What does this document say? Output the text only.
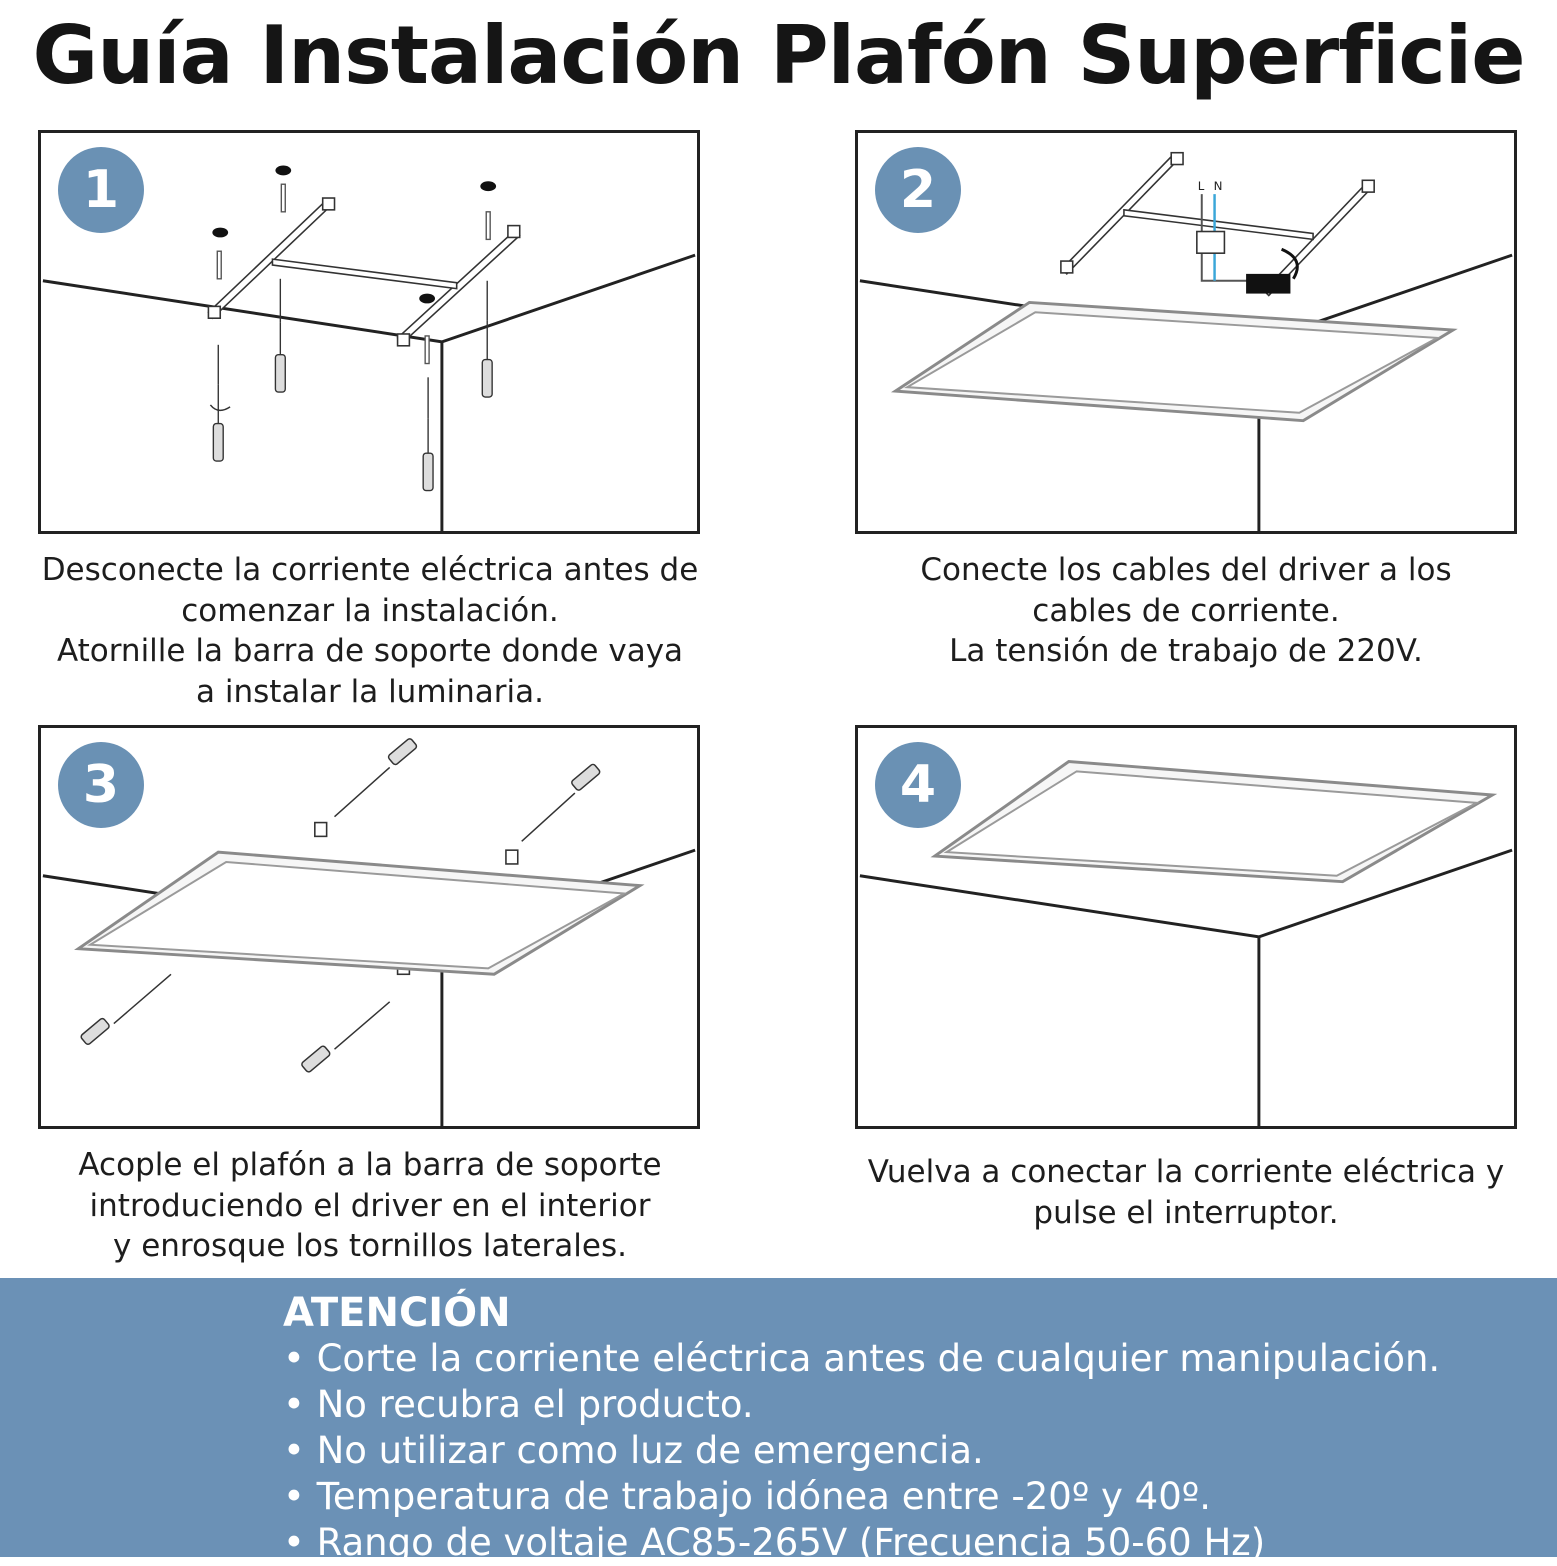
Guía Instalación Plafón Superficie
1
Desconecte la corriente eléctrica antes de
comenzar la instalación.
Atornille la barra de soporte donde vaya
a instalar la luminaria.
L N
2
Conecte los cables del driver a los
cables de corriente.
La tensión de trabajo de 220V.
3
Acople el plafón a la barra de soporte
introduciendo el driver en el interior
y enrosque los tornillos laterales.
4
Vuelva a conectar la corriente eléctrica y
pulse el interruptor.
ATENCIÓN
• Corte la corriente eléctrica antes de cualquier manipulación.
• No recubra el producto.
• No utilizar como luz de emergencia.
• Temperatura de trabajo idónea entre -20º y 40º.
• Rango de voltaje AC85-265V (Frecuencia 50-60 Hz)
